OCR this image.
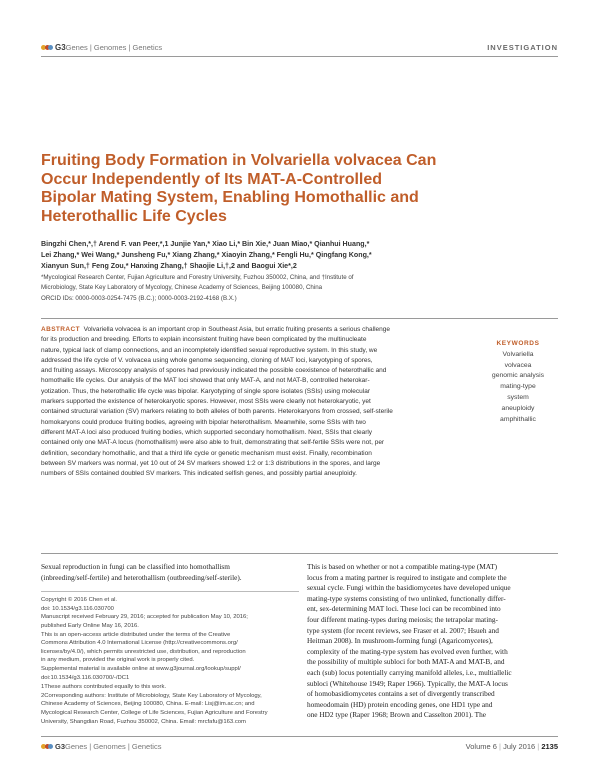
G3 Genes | Genomes | Genetics	INVESTIGATION
Fruiting Body Formation in Volvariella volvacea Can
Occur Independently of Its MAT-A-Controlled
Bipolar Mating System, Enabling Homothallic and
Heterothallic Life Cycles
Bingzhi Chen,*,† Arend F. van Peer,*,1 Junjie Yan,* Xiao Li,* Bin Xie,* Juan Miao,* Qianhui Huang,*
Lei Zhang,* Wei Wang,* Junsheng Fu,* Xiang Zhang,* Xiaoyin Zhang,* Fengli Hu,* Qingfang Kong,*
Xianyun Sun,† Feng Zou,* Hanxing Zhang,† Shaojie Li,†,2 and Baogui Xie*,2
*Mycological Research Center, Fujian Agriculture and Forestry University, Fuzhou 350002, China, and †Institute of
Microbiology, State Key Laboratory of Mycology, Chinese Academy of Sciences, Beijing 100080, China
ORCID IDs: 0000-0003-0254-7475 (B.C.); 0000-0003-2192-4168 (B.X.)
ABSTRACT Volvariella volvacea is an important crop in Southeast Asia, but erratic fruiting presents a serious challenge
for its production and breeding. Efforts to explain inconsistent fruiting have been complicated by the multinucleate
nature, typical lack of clamp connections, and an incompletely identified sexual reproductive system. In this study, we
addressed the life cycle of V. volvacea using whole genome sequencing, cloning of MAT loci, karyotyping of spores,
and fruiting assays. Microscopy analysis of spores had previously indicated the possible coexistence of heterothallic and
homothallic life cycles. Our analysis of the MAT loci showed that only MAT-A, and not MAT-B, controlled heterokar-
yotization. Thus, the heterothallic life cycle was bipolar. Karyotyping of single spore isolates (SSIs) using molecular
markers supported the existence of heterokaryotic spores. However, most SSIs were clearly not heterokaryotic, yet
contained structural variation (SV) markers relating to both alleles of both parents. Heterokaryons from crossed, self-sterile
homokaryons could produce fruiting bodies, agreeing with bipolar heterothallism. Meanwhile, some SSIs with two
different MAT-A loci also produced fruiting bodies, which supported secondary homothallism. Next, SSIs that clearly
contained only one MAT-A locus (homothallism) were also able to fruit, demonstrating that self-fertile SSIs were not, per
definition, secondary homothallic, and that a third life cycle or genetic mechanism must exist. Finally, recombination
between SV markers was normal, yet 10 out of 24 SV markers showed 1:2 or 1:3 distributions in the spores, and large
numbers of SSIs contained doubled SV markers. This indicated selfish genes, and possibly partial aneuploidy.
KEYWORDS
Volvariella
volvacea
genomic analysis
mating-type
system
aneuploidy
amphithallic
Sexual reproduction in fungi can be classified into homothallism
(inbreeding/self-fertile) and heterothallism (outbreeding/self-sterile).
Copyright © 2016 Chen et al.
doi: 10.1534/g3.116.030700
Manuscript received February 29, 2016; accepted for publication May 10, 2016;
published Early Online May 16, 2016.
This is an open-access article distributed under the terms of the Creative
Commons Attribution 4.0 International License (http://creativecommons.org/
licenses/by/4.0/), which permits unrestricted use, distribution, and reproduction
in any medium, provided the original work is properly cited.
Supplemental material is available online at www.g3journal.org/lookup/suppl/
doi:10.1534/g3.116.030700/-/DC1
1These authors contributed equally to this work.
2Corresponding authors: Institute of Microbiology, State Key Laboratory of Mycology,
Chinese Academy of Sciences, Beijing 100080, China. E-mail: Lisj@im.ac.cn; and
Mycological Research Center, College of Life Sciences, Fujian Agriculture and Forestry
University, Shangdian Road, Fuzhou 350002, China. Email: mrcfafu@163.com
This is based on whether or not a compatible mating-type (MAT)
locus from a mating partner is required to instigate and complete the
sexual cycle. Fungi within the basidiomycetes have developed unique
mating-type systems consisting of two unlinked, functionally differ-
ent, sex-determining MAT loci. These loci can be recombined into
four different mating-types during meiosis; the tetrapolar mating-
type system (for recent reviews, see Fraser et al. 2007; Hsueh and
Heitman 2008). In mushroom-forming fungi (Agaricomycetes),
complexity of the mating-type system has evolved even further, with
the possibility of multiple subloci for both MAT-A and MAT-B, and
each (sub) locus potentially carrying manifold alleles, i.e., multiallelic
subloci (Whitehouse 1949; Raper 1966). Typically, the MAT-A locus
of homobasidiomycetes contains a set of divergently transcribed
homeodomain (HD) protein encoding genes, one HD1 type and
one HD2 type (Raper 1968; Brown and Casselton 2001). The
G3 Genes | Genomes | Genetics	Volume 6 | July 2016 | 2135
